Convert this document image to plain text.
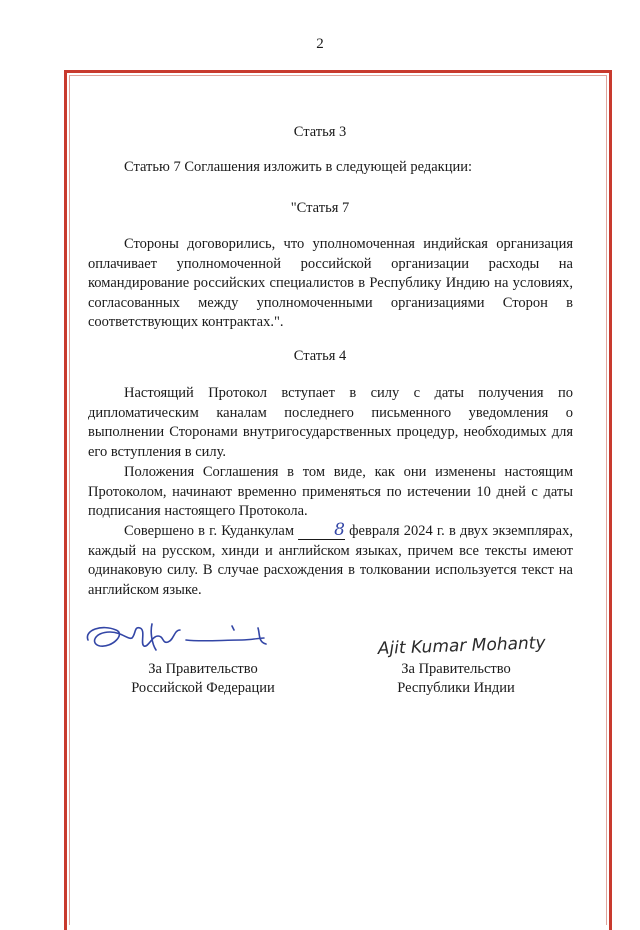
2
Статья 3

Статью 7 Соглашения изложить в следующей редакции:

"Статья 7

Стороны договорились, что уполномоченная индийская организация оплачивает уполномоченной российской организации расходы на командирование российских специалистов в Республику Индию на условиях, согласованных между уполномоченными организациями Сторон в соответствующих контрактах.".

Статья 4

Настоящий Протокол вступает в силу с даты получения по дипломатическим каналам последнего письменного уведомления о выполнении Сторонами внутригосударственных процедур, необходимых для его вступления в силу.

Положения Соглашения в том виде, как они изменены настоящим Протоколом, начинают временно применяться по истечении 10 дней с даты подписания настоящего Протокола.

Совершено в г. Куданкулам 8 февраля 2024 г. в двух экземплярах, каждый на русском, хинди и английском языках, причем все тексты имеют одинаковую силу. В случае расхождения в толковании используется текст на английском языке.

Ajit Kumar Mohanty
За Правительство
Российской Федерации
За Правительство
Республики Индии
